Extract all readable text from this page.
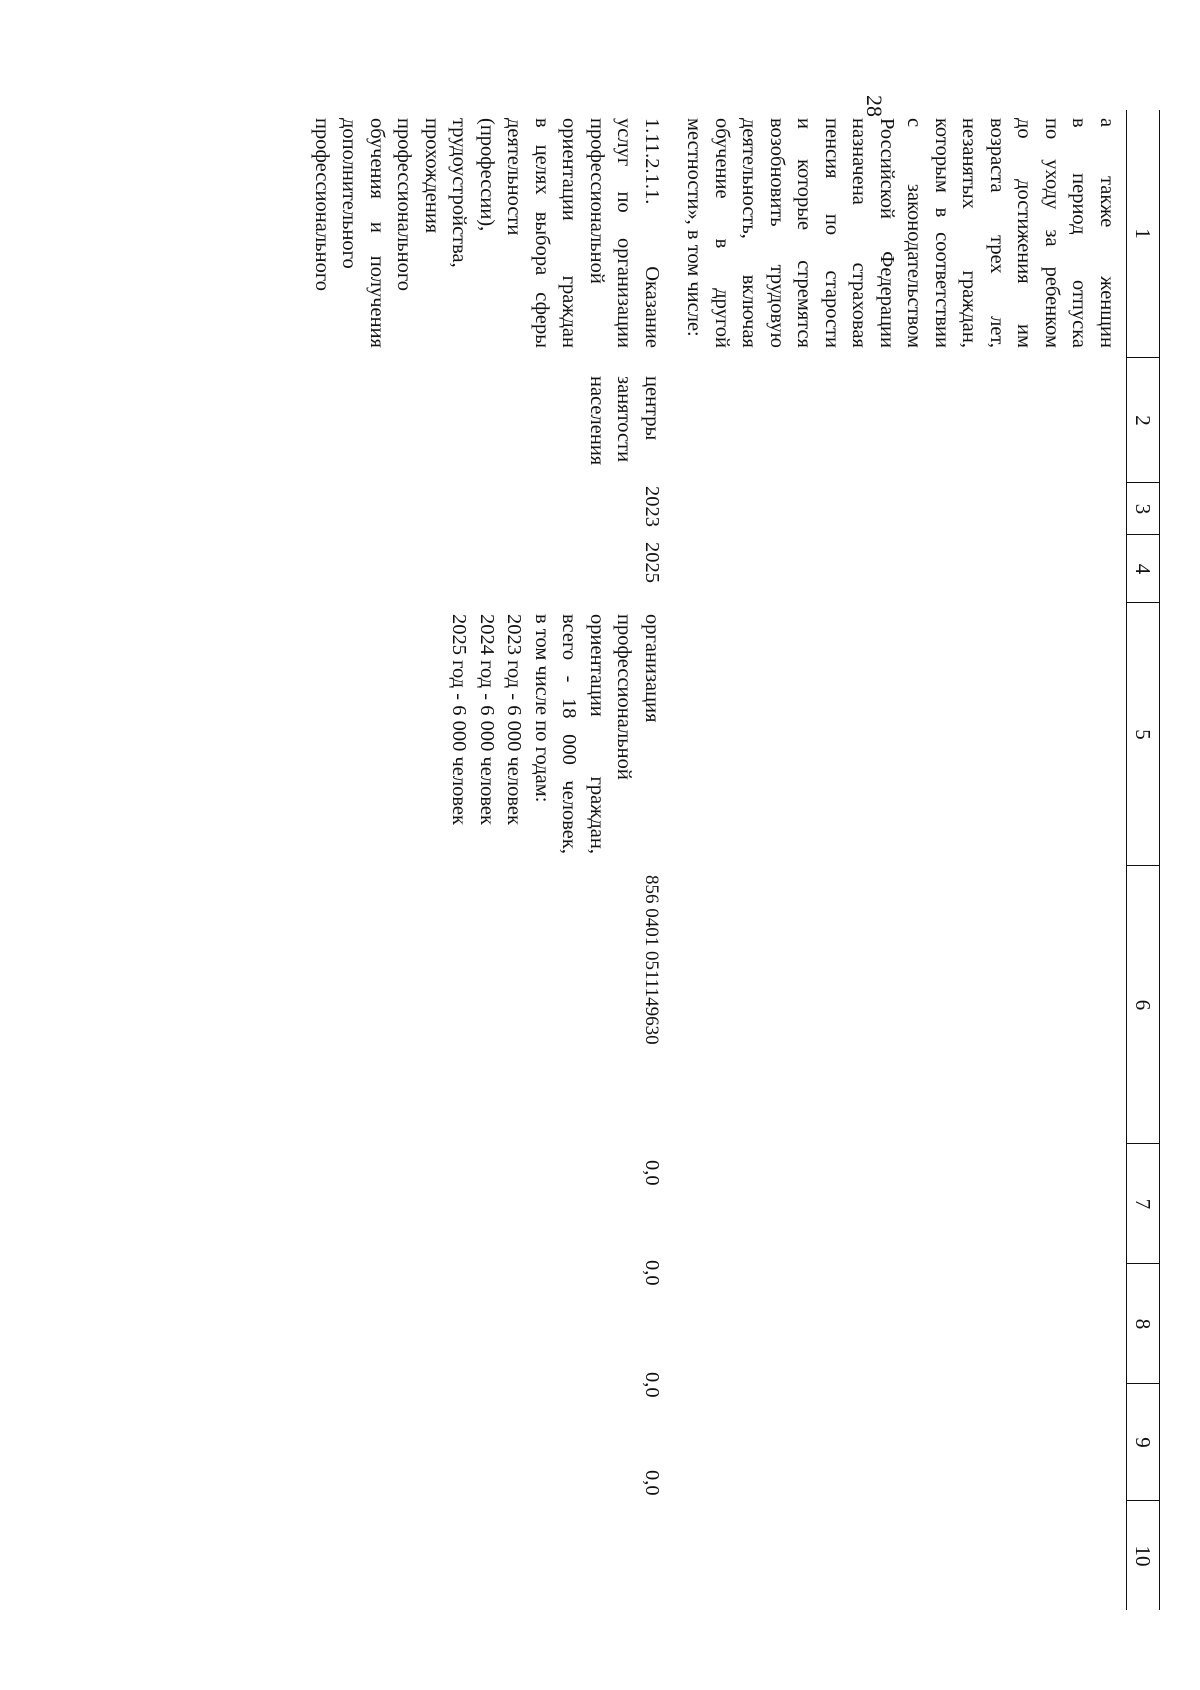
28
1
2
3
4
5
6
7
8
9
10

а также женщин

в период отпуска

по уходу за ребенком

до достижения им

возраста трех лет,

незанятых граждан,

которым в соответствии

с законодательством

Российской Федерации

назначена страховая

пенсия по старости

и которые стремятся

возобновить трудовую

деятельность, включая

обучение в другой

местности», в том числе:

1.11.2.1.1. Оказание

услуг по организации

профессиональной

ориентации граждан

в целях выбора сферы

деятельности

(профессии),

трудоустройства,

прохождения

профессионального

обучения и получения

дополнительного

профессионального

центры

занятости

населения

2023
2025

организация

профессиональной

ориентации граждан,

всего - 18 000 человек,

в том числе по годам:

2023 год - 6 000 человек

2024 год - 6 000 человек

2025 год - 6 000 человек

856 0401 0511149630
0,0
0,0
0,0
0,0
